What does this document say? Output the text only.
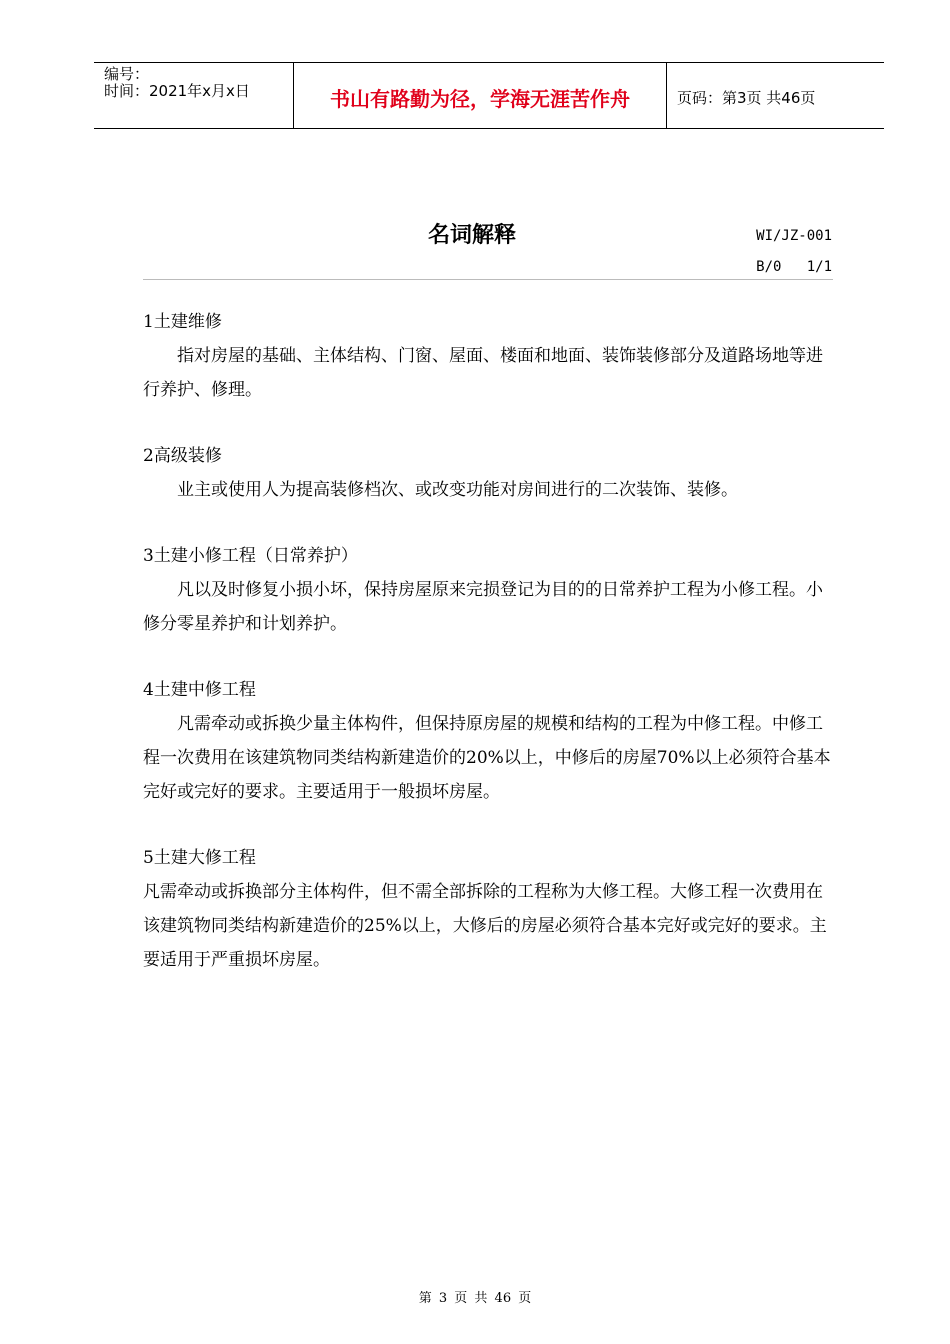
编号：
时间：2021年x月x日	书山有路勤为径，学海无涯苦作舟	页码：第3页 共46页
名词解释	WI/JZ-001
B/0   1/1

1土建维修

指对房屋的基础、主体结构、门窗、屋面、楼面和地面、装饰装修部分及道路场地等进行养护、修理。

2高级装修

业主或使用人为提高装修档次、或改变功能对房间进行的二次装饰、装修。

3土建小修工程（日常养护）

凡以及时修复小损小坏，保持房屋原来完损登记为目的的日常养护工程为小修工程。小修分零星养护和计划养护。

4土建中修工程

凡需牵动或拆换少量主体构件，但保持原房屋的规模和结构的工程为中修工程。中修工程一次费用在该建筑物同类结构新建造价的20%以上，中修后的房屋70%以上必须符合基本完好或完好的要求。主要适用于一般损坏房屋。

5土建大修工程

凡需牵动或拆换部分主体构件，但不需全部拆除的工程称为大修工程。大修工程一次费用在该建筑物同类结构新建造价的25%以上，大修后的房屋必须符合基本完好或完好的要求。主要适用于严重损坏房屋。

第 3 页 共 46 页
